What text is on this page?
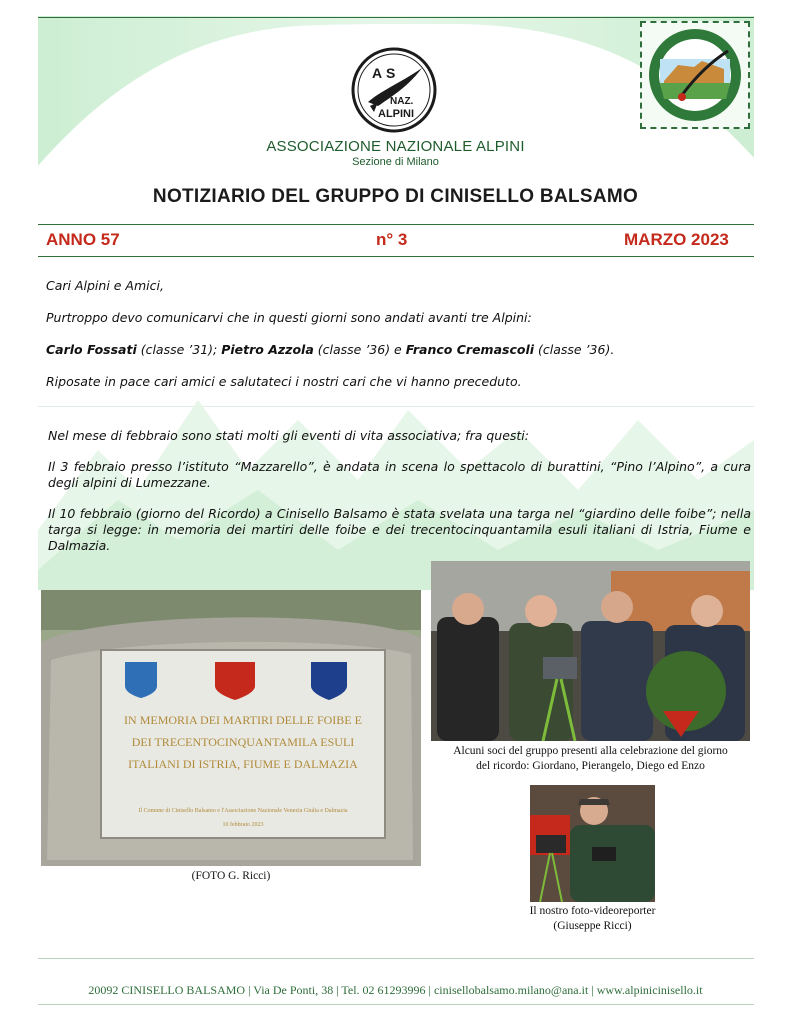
A S
NAZ.
ALPINI
ASSOCIAZIONE NAZIONALE ALPINI
Sezione di Milano
NOTIZIARIO DEL GRUPPO DI CINISELLO BALSAMO
ANNO 57	n° 3	MARZO 2023
Cari Alpini e Amici,
Purtroppo devo comunicarvi che in questi giorni sono andati avanti tre Alpini:
Carlo Fossati (classe ’31); Pietro Azzola (classe ’36) e Franco Cremascoli (classe ’36).
Riposate in pace cari amici e salutateci i nostri cari che vi hanno preceduto.
Nel mese di febbraio sono stati molti gli eventi di vita associativa; fra questi:
Il 3 febbraio presso l’istituto “Mazzarello”, è andata in scena lo spettacolo di burattini, “Pino l’Alpino”, a cura degli alpini di Lumezzane.
Il 10 febbraio (giorno del Ricordo) a Cinisello Balsamo è stata svelata una targa nel “giardino delle foibe”; nella targa si legge: in memoria dei martiri delle foibe e dei trecentocinquantamila esuli italiani di Istria, Fiume e Dalmazia.
IN MEMORIA DEI MARTIRI DELLE FOIBE E
DEI TRECENTOCINQUANTAMILA ESULI
ITALIANI DI ISTRIA, FIUME E DALMAZIA
Il Comune di Cinisello Balsamo e l'Associazione Nazionale Venezia Giulia e Dalmazia
10 febbraio 2023
(FOTO G. Ricci)
Alcuni soci del gruppo presenti alla celebrazione del giorno
del ricordo: Giordano, Pierangelo, Diego ed Enzo
Il nostro foto-videoreporter
(Giuseppe Ricci)
20092 CINISELLO BALSAMO | Via De Ponti, 38 | Tel. 02 61293996 | cinisellobalsamo.milano@ana.it | www.alpinicinisello.it
